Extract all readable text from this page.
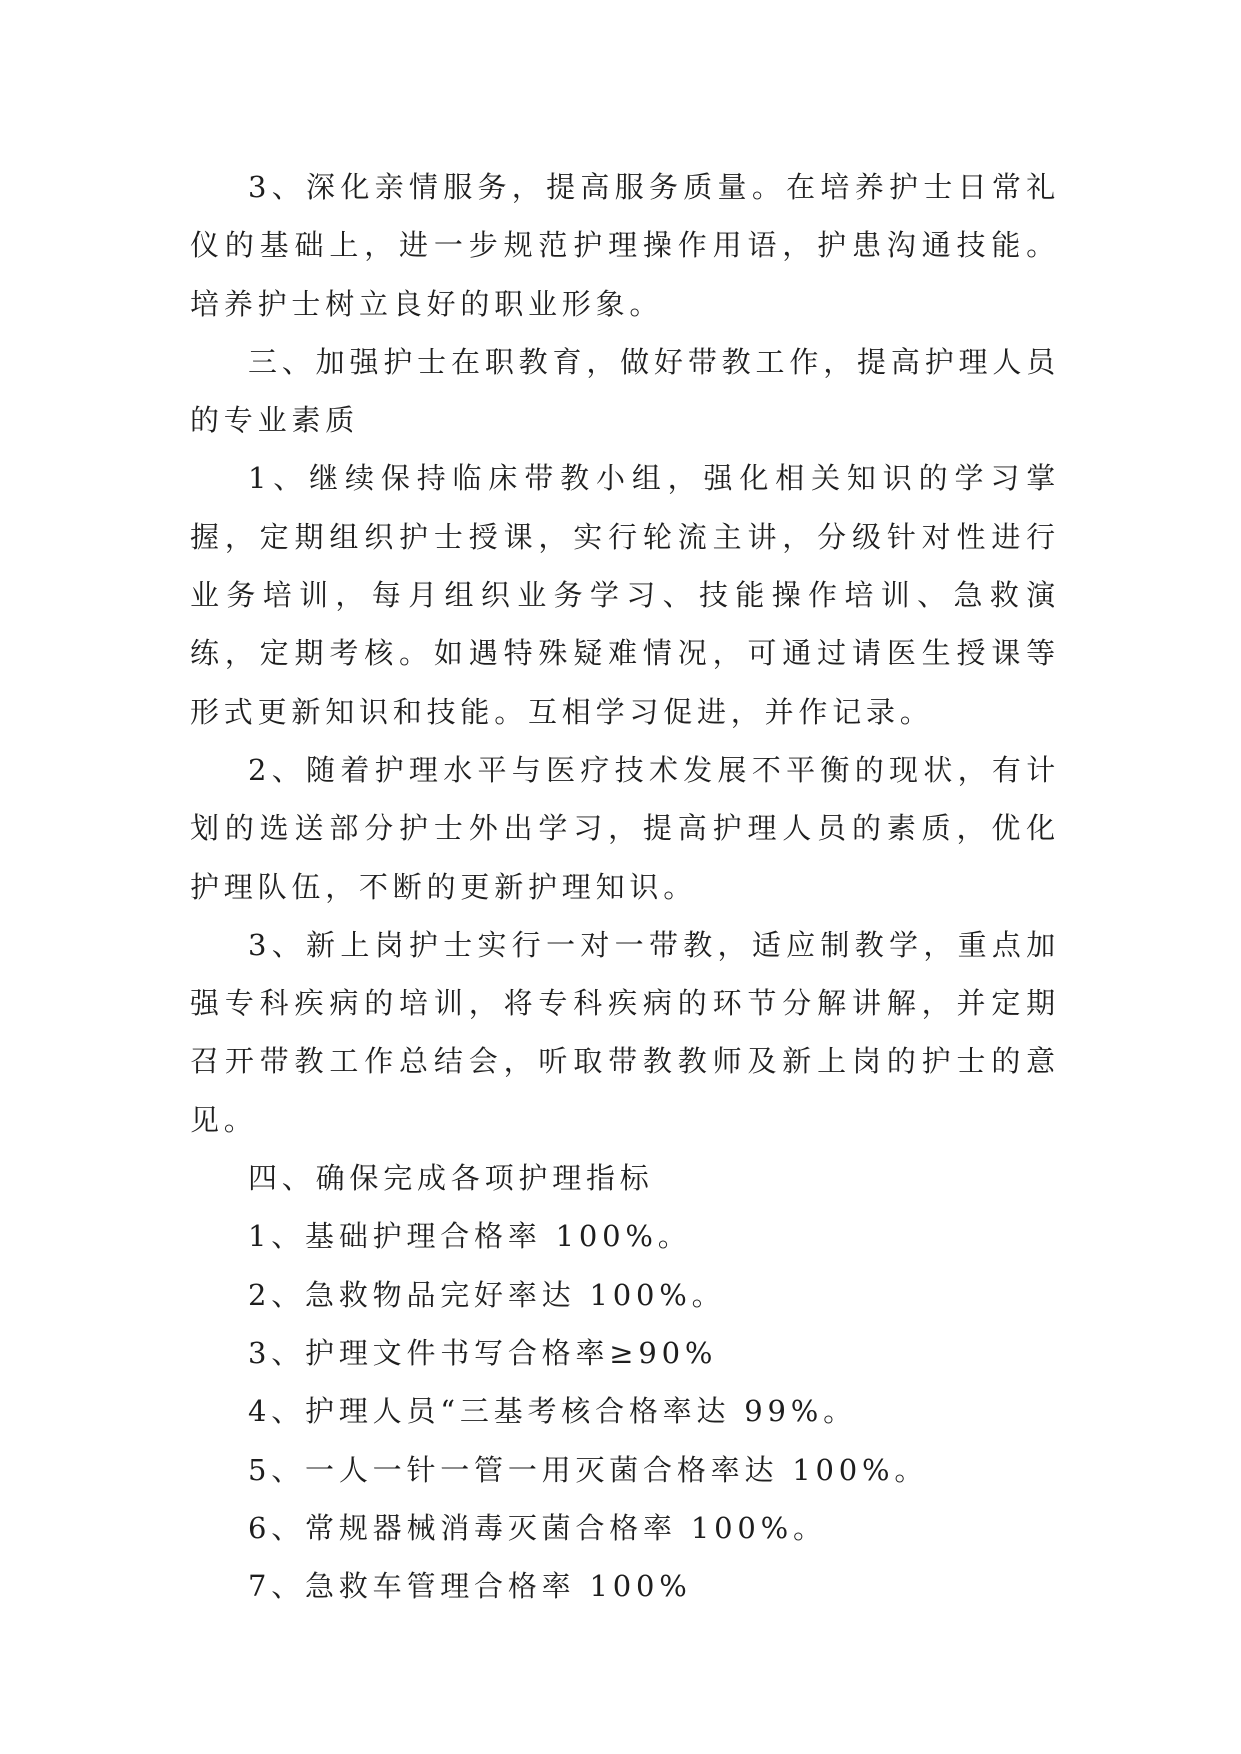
3、深化亲情服务，提高服务质量。在培养护士日常礼仪的基础上，进一步规范护理操作用语，护患沟通技能。培养护士树立良好的职业形象。

三、加强护士在职教育，做好带教工作，提高护理人员的专业素质

1、继续保持临床带教小组，强化相关知识的学习掌握，定期组织护士授课，实行轮流主讲，分级针对性进行业务培训，每月组织业务学习、技能操作培训、急救演练，定期考核。如遇特殊疑难情况，可通过请医生授课等形式更新知识和技能。互相学习促进，并作记录。

2、随着护理水平与医疗技术发展不平衡的现状，有计划的选送部分护士外出学习，提高护理人员的素质，优化护理队伍，不断的更新护理知识。

3、新上岗护士实行一对一带教，适应制教学，重点加强专科疾病的培训，将专科疾病的环节分解讲解，并定期召开带教工作总结会，听取带教教师及新上岗的护士的意见。

四、确保完成各项护理指标

1、基础护理合格率 100%。

2、急救物品完好率达 100%。

3、护理文件书写合格率≥90%

4、护理人员“三基考核合格率达 99%。

5、一人一针一管一用灭菌合格率达 100%。

6、常规器械消毒灭菌合格率 100%。

7、急救车管理合格率 100%
